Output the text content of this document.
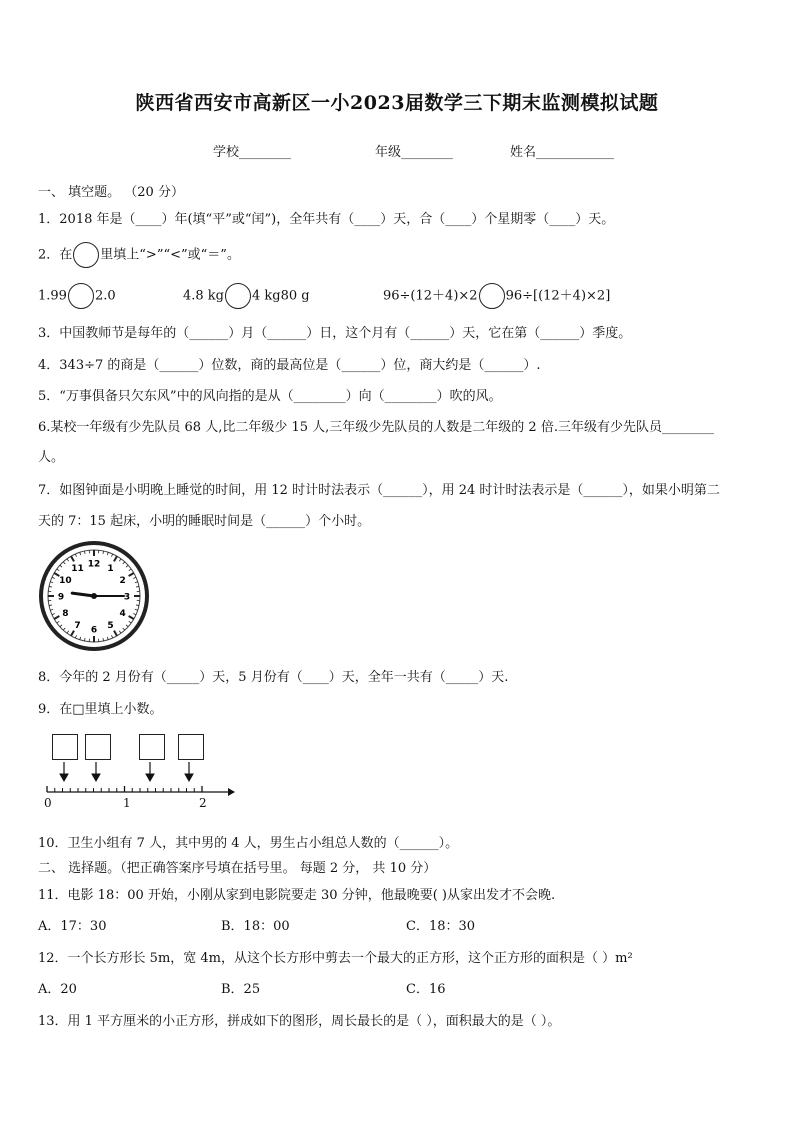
陕西省西安市高新区一小2023届数学三下期末监测模拟试题
学校________	年级________	姓名____________
一、 填空题。 （20 分）
1．2018 年是（____）年(填“平”或“闰”)，全年共有（____）天，合（____）个星期零（____）天。
2．在 里填上“>”“<”或“＝”。
1.99 2.0	4.8 kg 4 kg80 g	96÷(12＋4)×2 96÷[(12＋4)×2]
3．中国教师节是每年的（______）月（______）日，这个月有（______）天，它在第（______）季度。
4．343÷7 的商是（______）位数，商的最高位是（______）位，商大约是（______）.
5．“万事俱备只欠东风”中的风向指的是从（________）向（________）吹的风。
6.某校一年级有少先队员 68 人,比二年级少 15 人,三年级少先队员的人数是二年级的 2 倍.三年级有少先队员________
人。
7．如图钟面是小明晚上睡觉的时间，用 12 时计时法表示（______），用 24 时计时法表示是（______），如果小明第二
天的 7：15 起床，小明的睡眠时间是（______）个小时。
12 1
2
3
4
5
6
7
8
9
10
11
8．今年的 2 月份有（_____）天，5 月份有（____）天，全年一共有（_____）天.
9．在□里填上小数。
0	1	2
10．卫生小组有 7 人，其中男的 4 人，男生占小组总人数的（______）。
二、 选择题。（把正确答案序号填在括号里。 每题 2 分， 共 10 分）
11．电影 18：00 开始，小刚从家到电影院要走 30 分钟，他最晚要( )从家出发才不会晚.
A．17：30	B．18：00	C．18：30
12．一个长方形长 5m，宽 4m，从这个长方形中剪去一个最大的正方形，这个正方形的面积是（ ）m²
A．20	B．25	C．16
13．用 1 平方厘米的小正方形，拼成如下的图形，周长最长的是（ ），面积最大的是（ ）。
